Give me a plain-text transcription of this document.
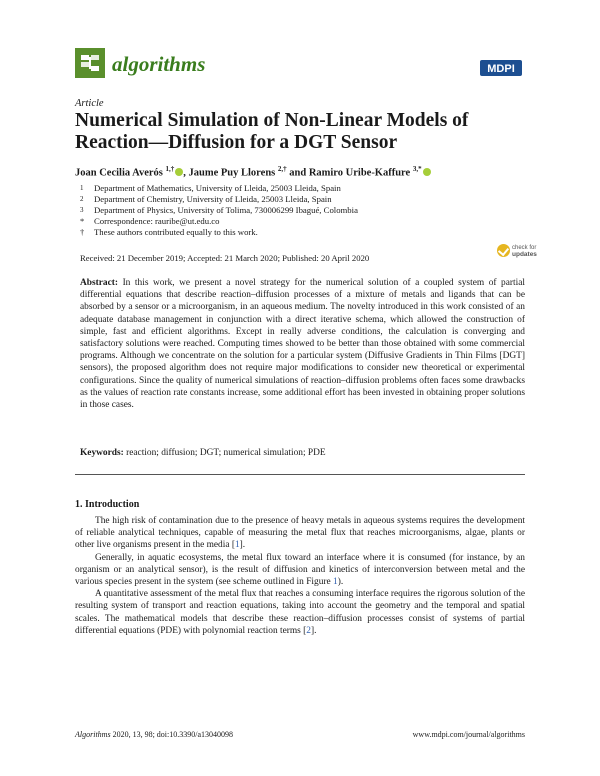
algorithms	MDPI
Article
Numerical Simulation of Non-Linear Models of Reaction—Diffusion for a DGT Sensor
Joan Cecilia Averós $^{1,\dagger}$ , Jaume Puy Llorens $^{2,\dagger}$ and Ramiro Uribe-Kaffure $^{3,*}$
1	Department of Mathematics, University of Lleida, 25003 Lleida, Spain
2	Department of Chemistry, University of Lleida, 25003 Lleida, Spain
3	Department of Physics, University of Tolima, 730006299 Ibagué, Colombia
*	Correspondence: rauribe@ut.edu.co
†	These authors contributed equally to this work.
check for
updates
Received: 21 December 2019; Accepted: 21 March 2020; Published: 20 April 2020
Abstract: In this work, we present a novel strategy for the numerical solution of a coupled system of partial differential equations that describe reaction–diffusion processes of a mixture of metals and ligands that can be absorbed by a sensor or a microorganism, in an aqueous medium. The novelty introduced in this work consisted of an adequate database management in conjunction with a direct iterative schema, which allowed the construction of simple, fast and efficient algorithms. Except in really adverse conditions, the calculation is converging and satisfactory solutions were reached. Computing times showed to be better than those obtained with some commercial programs. Although we concentrate on the solution for a particular system (Diffusive Gradients in Thin Films [DGT] sensors), the proposed algorithm does not require major modifications to consider new theoretical or experimental configurations. Since the quality of numerical simulations of reaction–diffusion problems often faces some drawbacks as the values of reaction rate constants increase, some additional effort has been invested in obtaining proper solutions in those cases.
Keywords: reaction; diffusion; DGT; numerical simulation; PDE
1. Introduction

The high risk of contamination due to the presence of heavy metals in aqueous systems requires the development of reliable analytical techniques, capable of measuring the metal flux that reaches microorganisms, algae, plants or other live organisms present in the media [1].

Generally, in aquatic ecosystems, the metal flux toward an interface where it is consumed (for instance, by an organism or an analytical sensor), is the result of diffusion and kinetics of interconversion between metal and the various species present in the system (see scheme outlined in Figure 1).

A quantitative assessment of the metal flux that reaches a consuming interface requires the rigorous solution of the resulting system of transport and reaction equations, taking into account the geometry and the temporal and spatial scales. The mathematical models that describe these reaction–diffusion processes consist of systems of partial differential equations (PDE) with polynomial reaction terms [2].

Algorithms 2020, 13, 98; doi:10.3390/a13040098	www.mdpi.com/journal/algorithms
